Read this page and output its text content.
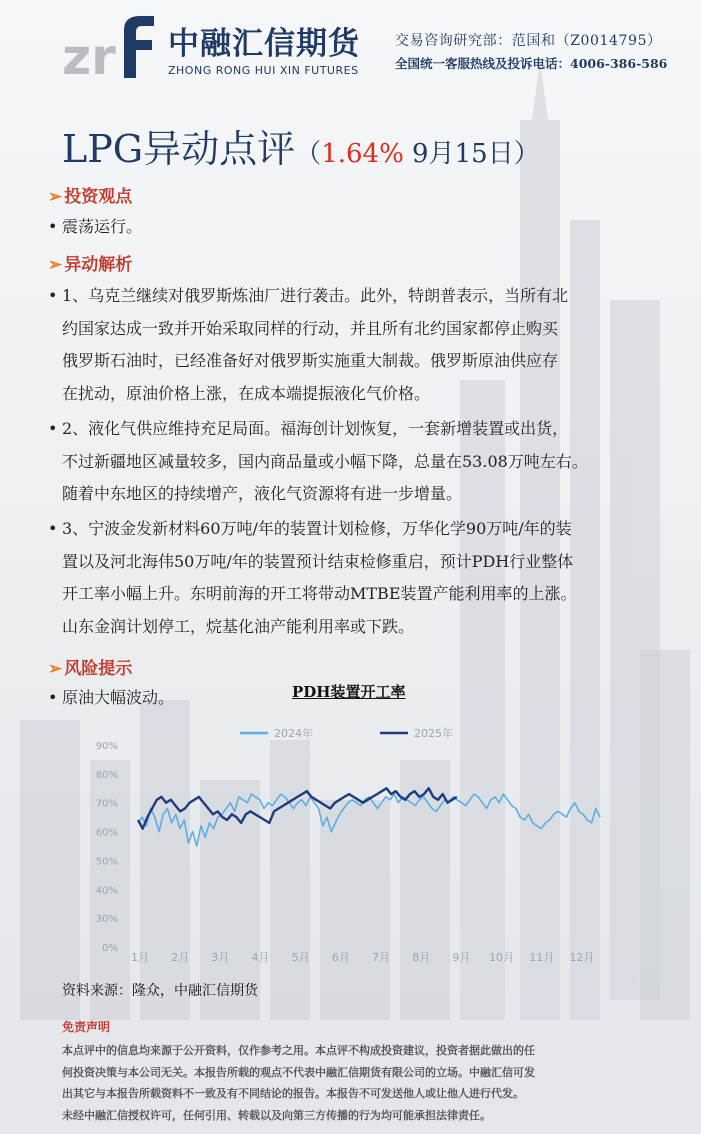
zr 中融汇信期货
ZHONG RONG HUI XIN FUTURES
交易咨询研究部：范国和（Z0014795）
全国统一客服热线及投诉电话：4006-386-586
LPG异动点评（1.64% 9月15日）
➢ 投资观点
• 震荡运行。
➢ 异动解析
• 1、乌克兰继续对俄罗斯炼油厂进行袭击。此外，特朗普表示，当所有北
约国家达成一致并开始采取同样的行动，并且所有北约国家都停止购买
俄罗斯石油时，已经准备好对俄罗斯实施重大制裁。俄罗斯原油供应存
在扰动，原油价格上涨，在成本端提振液化气价格。
• 2、液化气供应维持充足局面。福海创计划恢复，一套新增装置或出货，
不过新疆地区减量较多，国内商品量或小幅下降，总量在53.08万吨左右。
随着中东地区的持续增产，液化气资源将有进一步增量。
• 3、宁波金发新材料60万吨/年的装置计划检修，万华化学90万吨/年的装
置以及河北海伟50万吨/年的装置预计结束检修重启，预计PDH行业整体
开工率小幅上升。东明前海的开工将带动MTBE装置产能利用率的上涨。
山东金润计划停工，烷基化油产能利用率或下跌。
➢ 风险提示
• 原油大幅波动。	PDH装置开工率
0%
30%
40%
50%
60%
70%
80%
90%
1月 2月 3月 4月 5月 6月 7月 8月 9月 10月 11月 12月
2024年	2025年
资料来源：隆众，中融汇信期货
免责声明
本点评中的信息均来源于公开资料，仅作参考之用。本点评不构成投资建议，投资者据此做出的任
何投资决策与本公司无关。本报告所载的观点不代表中融汇信期货有限公司的立场。中融汇信可发
出其它与本报告所载资料不一致及有不同结论的报告。本报告不可发送他人或让他人进行代发。
未经中融汇信授权许可，任何引用、转载以及向第三方传播的行为均可能承担法律责任。
